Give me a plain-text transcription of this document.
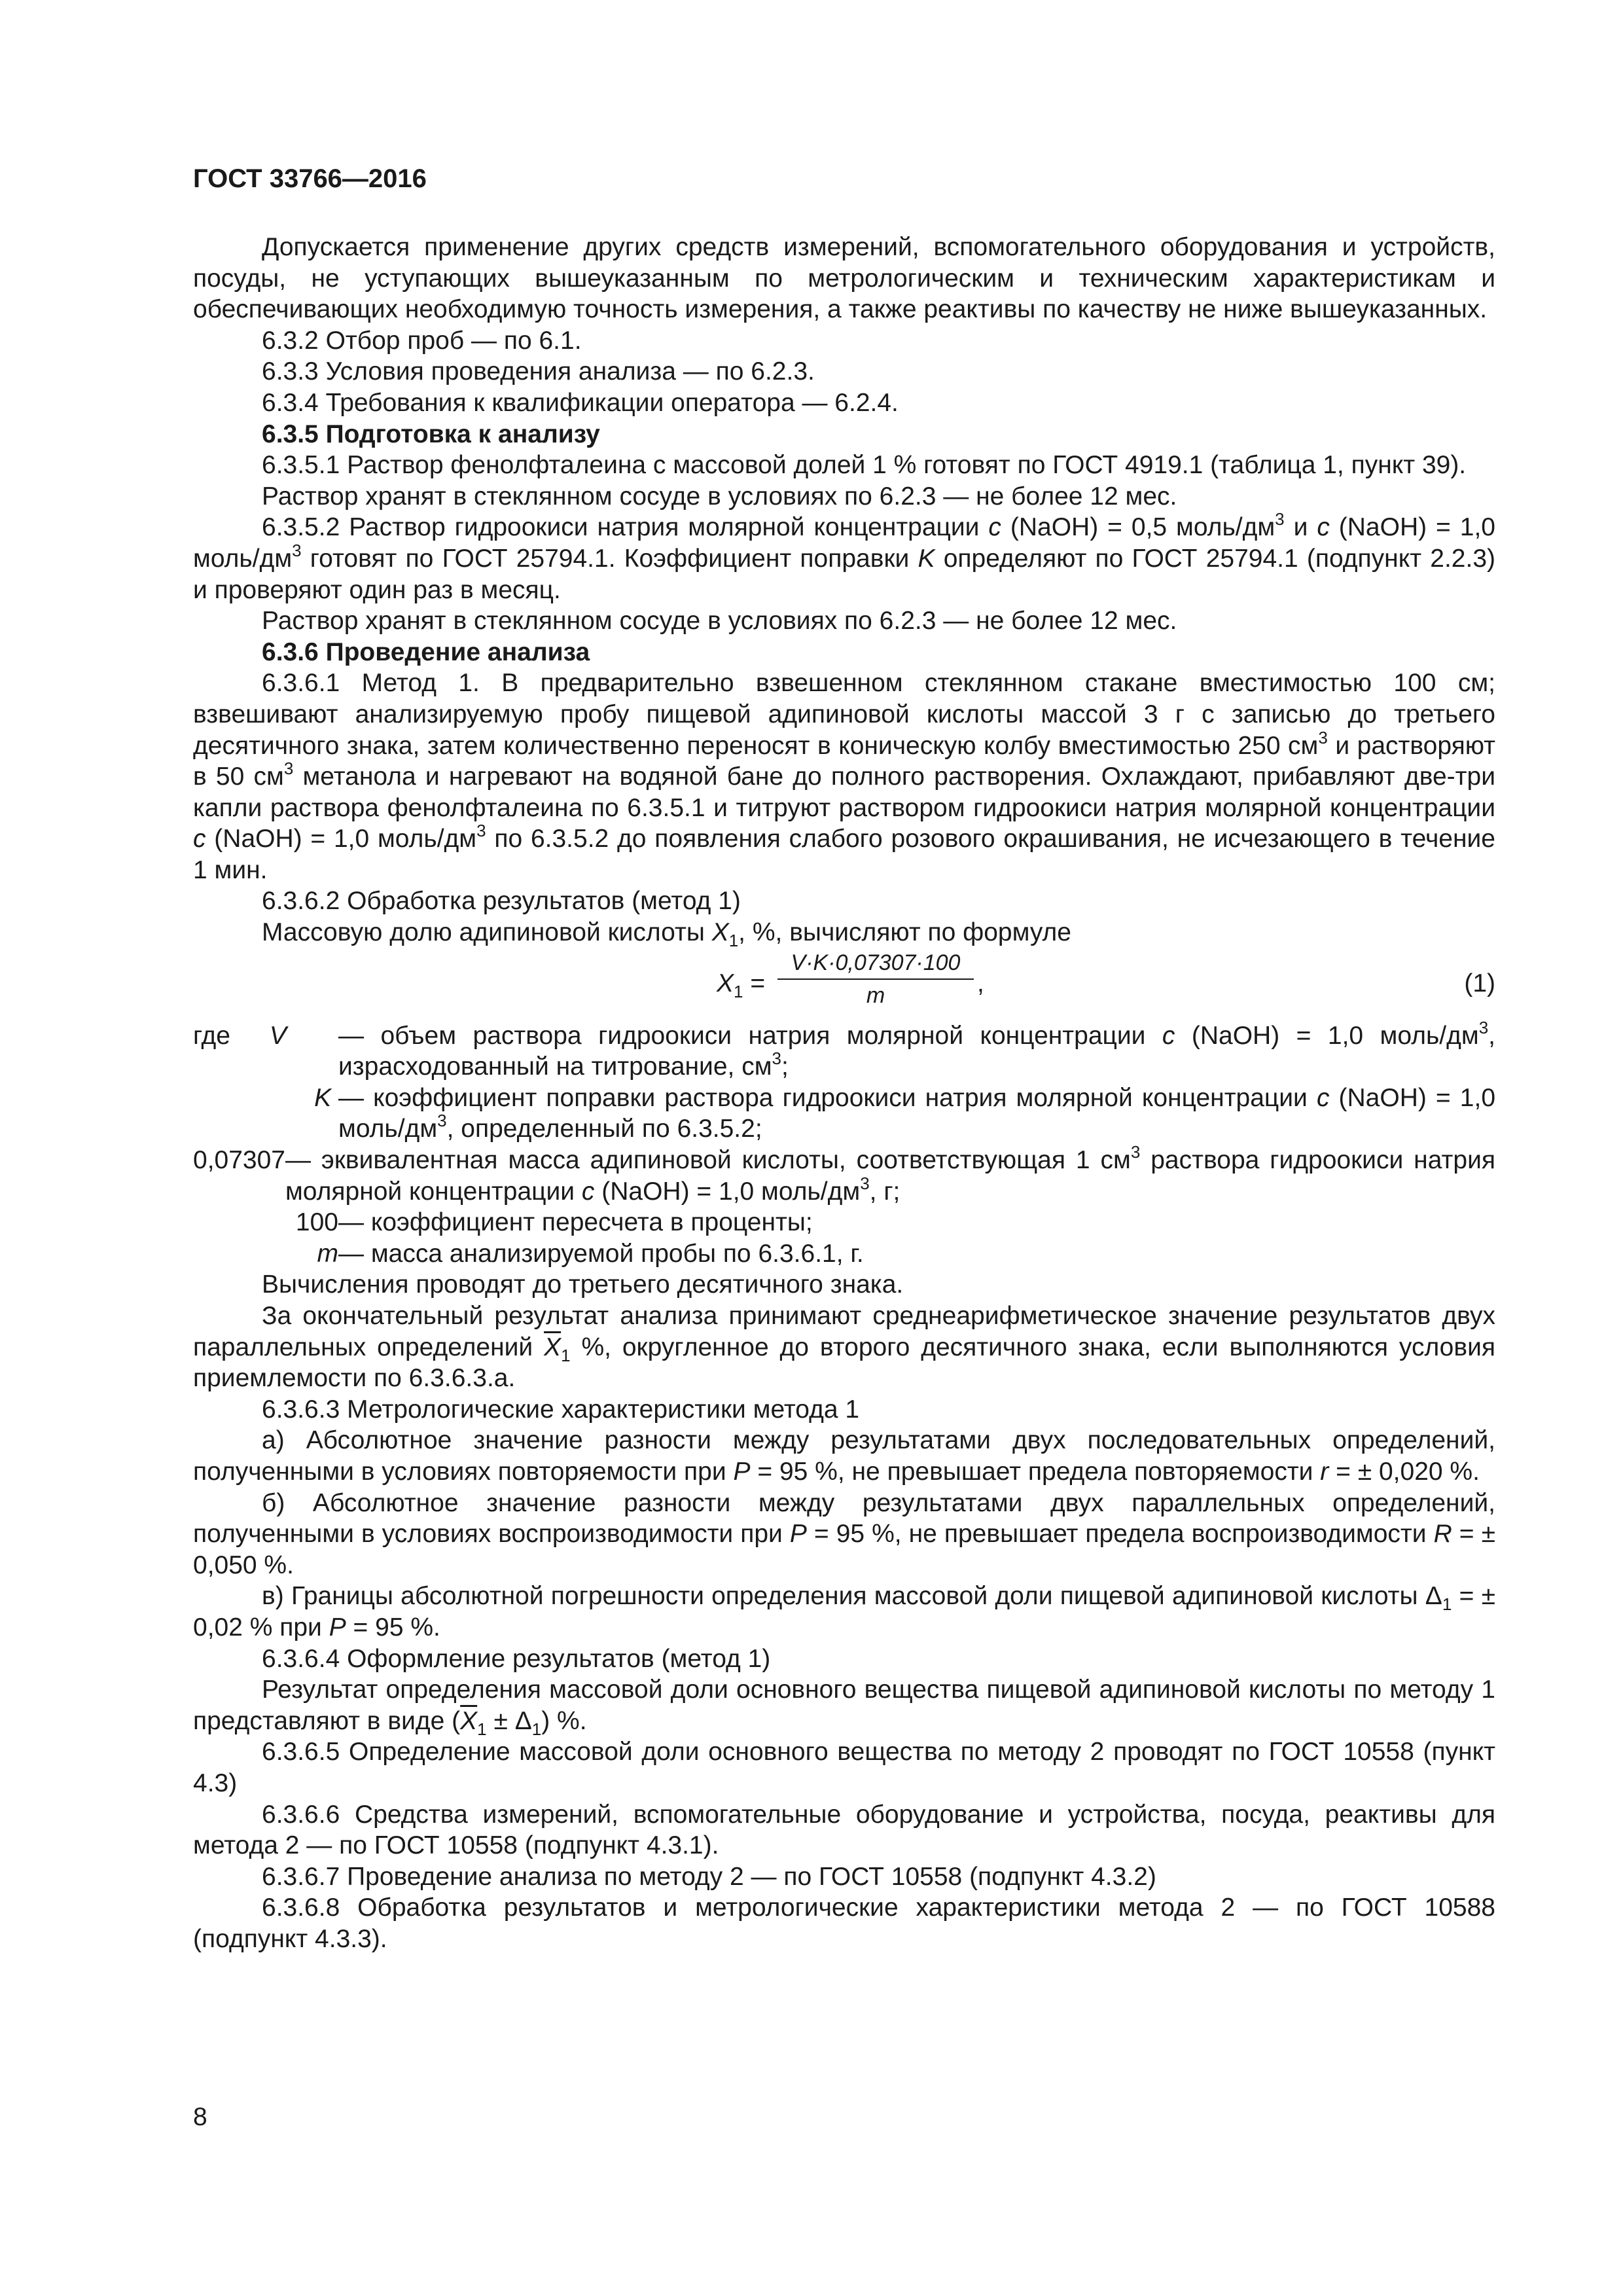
ГОСТ 33766—2016

Допускается применение других средств измерений, вспомогательного оборудования и устройств, посуды, не уступающих вышеуказанным по метрологическим и техническим характеристикам и обеспечивающих необходимую точность измерения, а также реактивы по качеству не ниже вышеуказанных.

6.3.2 Отбор проб — по 6.1.

6.3.3 Условия проведения анализа — по 6.2.3.

6.3.4 Требования к квалификации оператора — 6.2.4.

6.3.5 Подготовка к анализу

6.3.5.1 Раствор фенолфталеина с массовой долей 1 % готовят по ГОСТ 4919.1 (таблица 1, пункт 39).

Раствор хранят в стеклянном сосуде в условиях по 6.2.3 — не более 12 мес.

6.3.5.2 Раствор гидроокиси натрия молярной концентрации c (NaOH) = 0,5 моль/$дм^3$ и c (NaOH) = 1,0 моль/$дм^3$ готовят по ГОСТ 25794.1. Коэффициент поправки K определяют по ГОСТ 25794.1 (подпункт 2.2.3) и проверяют один раз в месяц.

Раствор хранят в стеклянном сосуде в условиях по 6.2.3 — не более 12 мес.

6.3.6 Проведение анализа

6.3.6.1 Метод 1. В предварительно взвешенном стеклянном стакане вместимостью 100 см; взвешивают анализируемую пробу пищевой адипиновой кислоты массой 3 г с записью до третьего десятичного знака, затем количественно переносят в коническую колбу вместимостью 250 $см^3$ и растворяют в 50 $см^3$ метанола и нагревают на водяной бане до полного растворения. Охлаждают, прибавляют две-три капли раствора фенолфталеина по 6.3.5.1 и титруют раствором гидроокиси натрия молярной концентрации c (NaOH) = 1,0 моль/$дм^3$ по 6.3.5.2 до появления слабого розового окрашивания, не исчезающего в течение 1 мин.

6.3.6.2 Обработка результатов (метод 1)

Массовую долю адипиновой кислоты $X_1$, %, вычисляют по формуле

$X_1 = \frac{V\cdot K\cdot 0,07307\cdot 100}{m}$ ,	(1)
где V	— объем раствора гидроокиси натрия молярной концентрации c (NaOH) = 1,0 моль/$дм^3$, израсходованный на титрование, $см^3$;
K — коэффициент поправки раствора гидроокиси натрия молярной концентрации c (NaOH) = 1,0 моль/$дм^3$, определенный по 6.3.5.2;
0,07307 — эквивалентная масса адипиновой кислоты, соответствующая 1 $см^3$ раствора гидроокиси натрия молярной концентрации c (NaOH) = 1,0 моль/$дм^3$, г;
100 — коэффициент пересчета в проценты;
m — масса анализируемой пробы по 6.3.6.1, г.

Вычисления проводят до третьего десятичного знака.

За окончательный результат анализа принимают среднеарифметическое значение результатов двух параллельных определений $\overline{X}_1$ %, округленное до второго десятичного знака, если выполняются условия приемлемости по 6.3.6.3.а.

6.3.6.3 Метрологические характеристики метода 1

а) Абсолютное значение разности между результатами двух последовательных определений, полученными в условиях повторяемости при P = 95 %, не превышает предела повторяемости r = ± 0,020 %.

б) Абсолютное значение разности между результатами двух параллельных определений, полученными в условиях воспроизводимости при P = 95 %, не превышает предела воспроизводимости R = ± 0,050 %.

в) Границы абсолютной погрешности определения массовой доли пищевой адипиновой кислоты $\Delta_1$ = ± 0,02 % при P = 95 %.

6.3.6.4 Оформление результатов (метод 1)

Результат определения массовой доли основного вещества пищевой адипиновой кислоты по методу 1 представляют в виде $(\overline{X}_1 \pm \Delta_1)$ %.

6.3.6.5 Определение массовой доли основного вещества по методу 2 проводят по ГОСТ 10558 (пункт 4.3)

6.3.6.6 Средства измерений, вспомогательные оборудование и устройства, посуда, реактивы для метода 2 — по ГОСТ 10558 (подпункт 4.3.1).

6.3.6.7 Проведение анализа по методу 2 — по ГОСТ 10558 (подпункт 4.3.2)

6.3.6.8 Обработка результатов и метрологические характеристики метода 2 — по ГОСТ 10588 (подпункт 4.3.3).

8
